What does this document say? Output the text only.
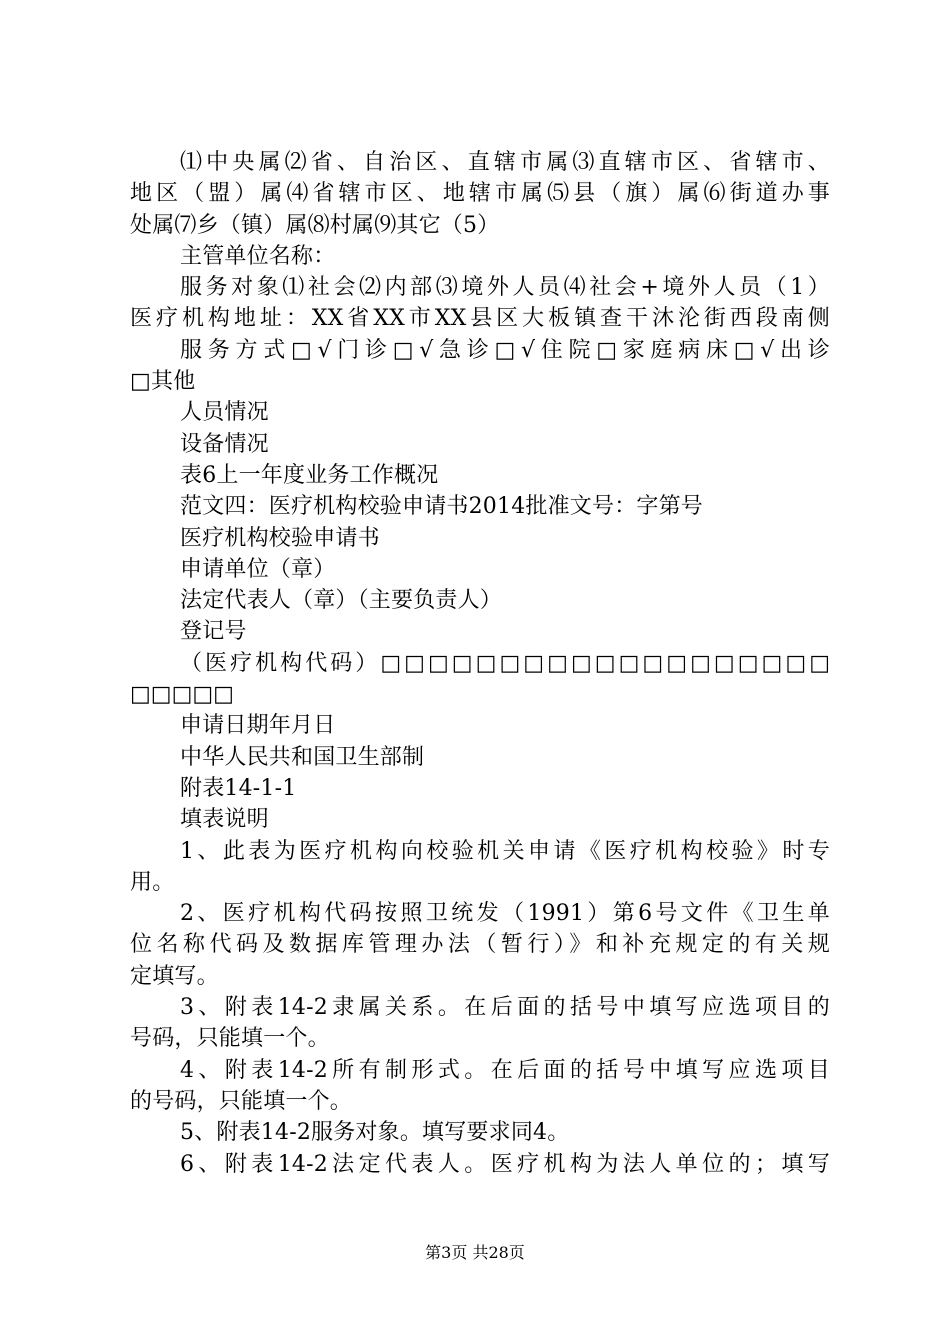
⑴中央属⑵省、自治区、直辖市属⑶直辖市区、省辖市、
地区（盟）属⑷省辖市区、地辖市属⑸县（旗）属⑹街道办事
处属⑺乡（镇）属⑻村属⑼其它（5）
主管单位名称：
服务对象⑴社会⑵内部⑶境外人员⑷社会+境外人员（1）
医疗机构地址：XX省XX市XX县区大板镇查干沐沦街西段南侧
服务方式□√门诊□√急诊□√住院□家庭病床□√出诊
□其他
人员情况
设备情况
表6上一年度业务工作概况
范文四：医疗机构校验申请书2014批准文号：字第号
医疗机构校验申请书
申请单位（章）
法定代表人（章）（主要负责人）
登记号
（医疗机构代码）□□□□□□□□□□□□□□□□□□□
□□□□□
申请日期年月日
中华人民共和国卫生部制
附表14-1-1
填表说明
1、此表为医疗机构向校验机关申请《医疗机构校验》时专
用。
2、医疗机构代码按照卫统发（1991）第6号文件《卫生单
位名称代码及数据库管理办法（暂行）》和补充规定的有关规
定填写。
3、附表14-2隶属关系。在后面的括号中填写应选项目的
号码，只能填一个。
4、附表14-2所有制形式。在后面的括号中填写应选项目
的号码，只能填一个。
5、附表14-2服务对象。填写要求同4。
6、附表14-2法定代表人。医疗机构为法人单位的；填写
第3页 共28页
